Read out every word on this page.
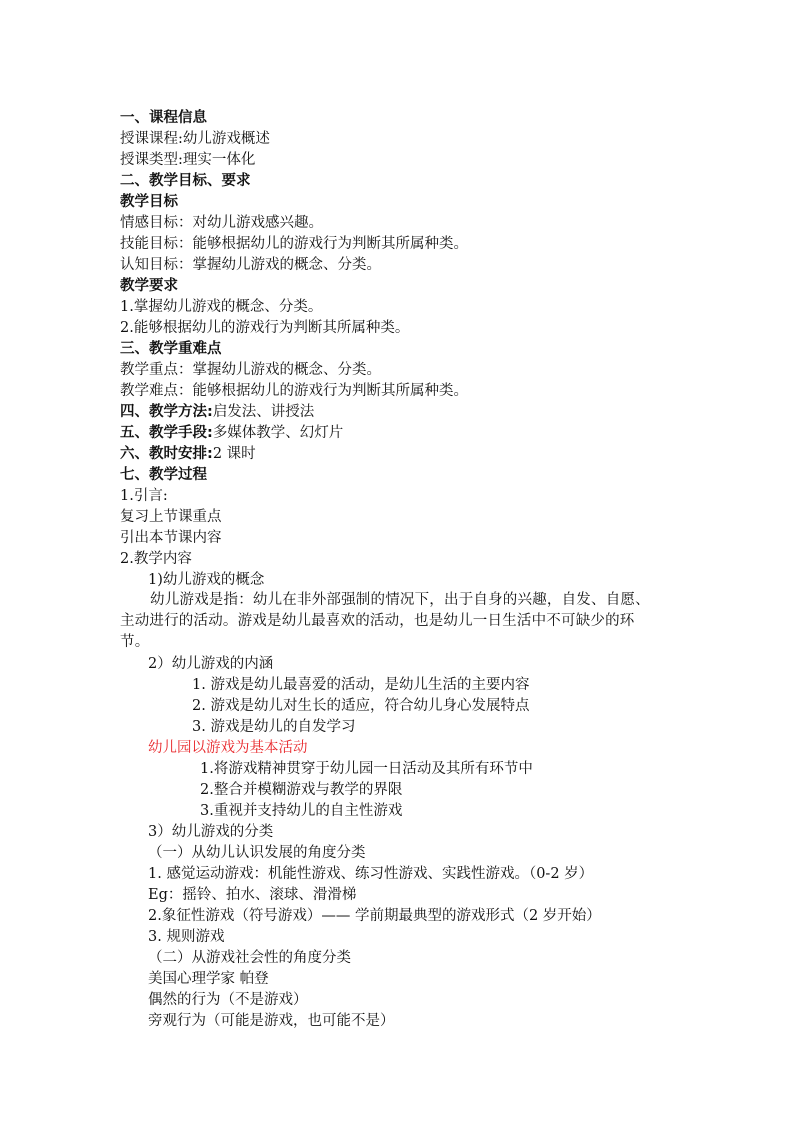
一、课程信息
授课课程:幼儿游戏概述
授课类型:理实一体化
二、教学目标、要求
教学目标
情感目标：对幼儿游戏感兴趣。
技能目标：能够根据幼儿的游戏行为判断其所属种类。
认知目标：掌握幼儿游戏的概念、分类。
教学要求
1.掌握幼儿游戏的概念、分类。
2.能够根据幼儿的游戏行为判断其所属种类。
三、教学重难点
教学重点：掌握幼儿游戏的概念、分类。
教学难点：能够根据幼儿的游戏行为判断其所属种类。
四、教学方法:启发法、讲授法
五、教学手段:多媒体教学、幻灯片
六、教时安排:2 课时
七、教学过程
1.引言:
复习上节课重点
引出本节课内容
2.教学内容
1)幼儿游戏的概念
幼儿游戏是指：幼儿在非外部强制的情况下，出于自身的兴趣，自发、自愿、主动进行的活动。游戏是幼儿最喜欢的活动，也是幼儿一日生活中不可缺少的环节。
2）幼儿游戏的内涵
1. 游戏是幼儿最喜爱的活动，是幼儿生活的主要内容
2. 游戏是幼儿对生长的适应，符合幼儿身心发展特点
3. 游戏是幼儿的自发学习
幼儿园以游戏为基本活动
1.将游戏精神贯穿于幼儿园一日活动及其所有环节中
2.整合并模糊游戏与教学的界限
3.重视并支持幼儿的自主性游戏
3）幼儿游戏的分类
（一）从幼儿认识发展的角度分类
1. 感觉运动游戏：机能性游戏、练习性游戏、实践性游戏。（0-2 岁）
Eg：摇铃、拍水、滚球、滑滑梯
2.象征性游戏（符号游戏）—— 学前期最典型的游戏形式（2 岁开始）
3. 规则游戏
（二）从游戏社会性的角度分类
美国心理学家 帕登
偶然的行为（不是游戏）
旁观行为（可能是游戏，也可能不是）
